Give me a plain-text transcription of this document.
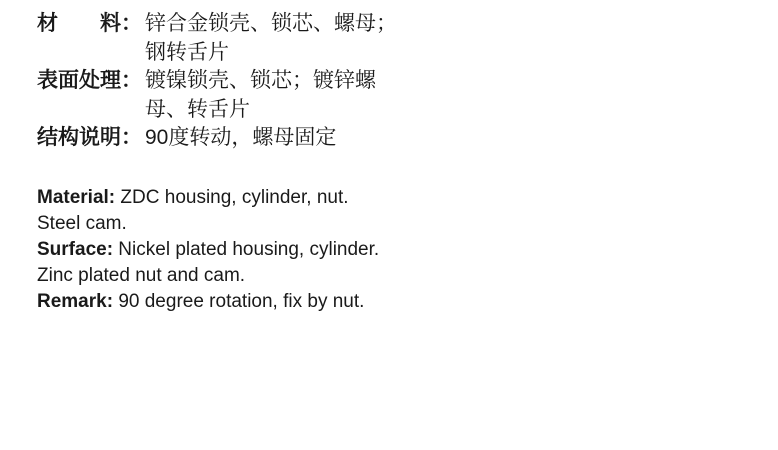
材　　料： 锌合金锁壳、锁芯、螺母；
钢转舌片
表面处理： 镀镍锁壳、锁芯；镀锌螺
母、转舌片
结构说明： 90度转动，螺母固定
Material: ZDC housing, cylinder, nut.
Steel cam.
Surface: Nickel plated housing, cylinder.
Zinc plated nut and cam.
Remark: 90 degree rotation, fix by nut.
